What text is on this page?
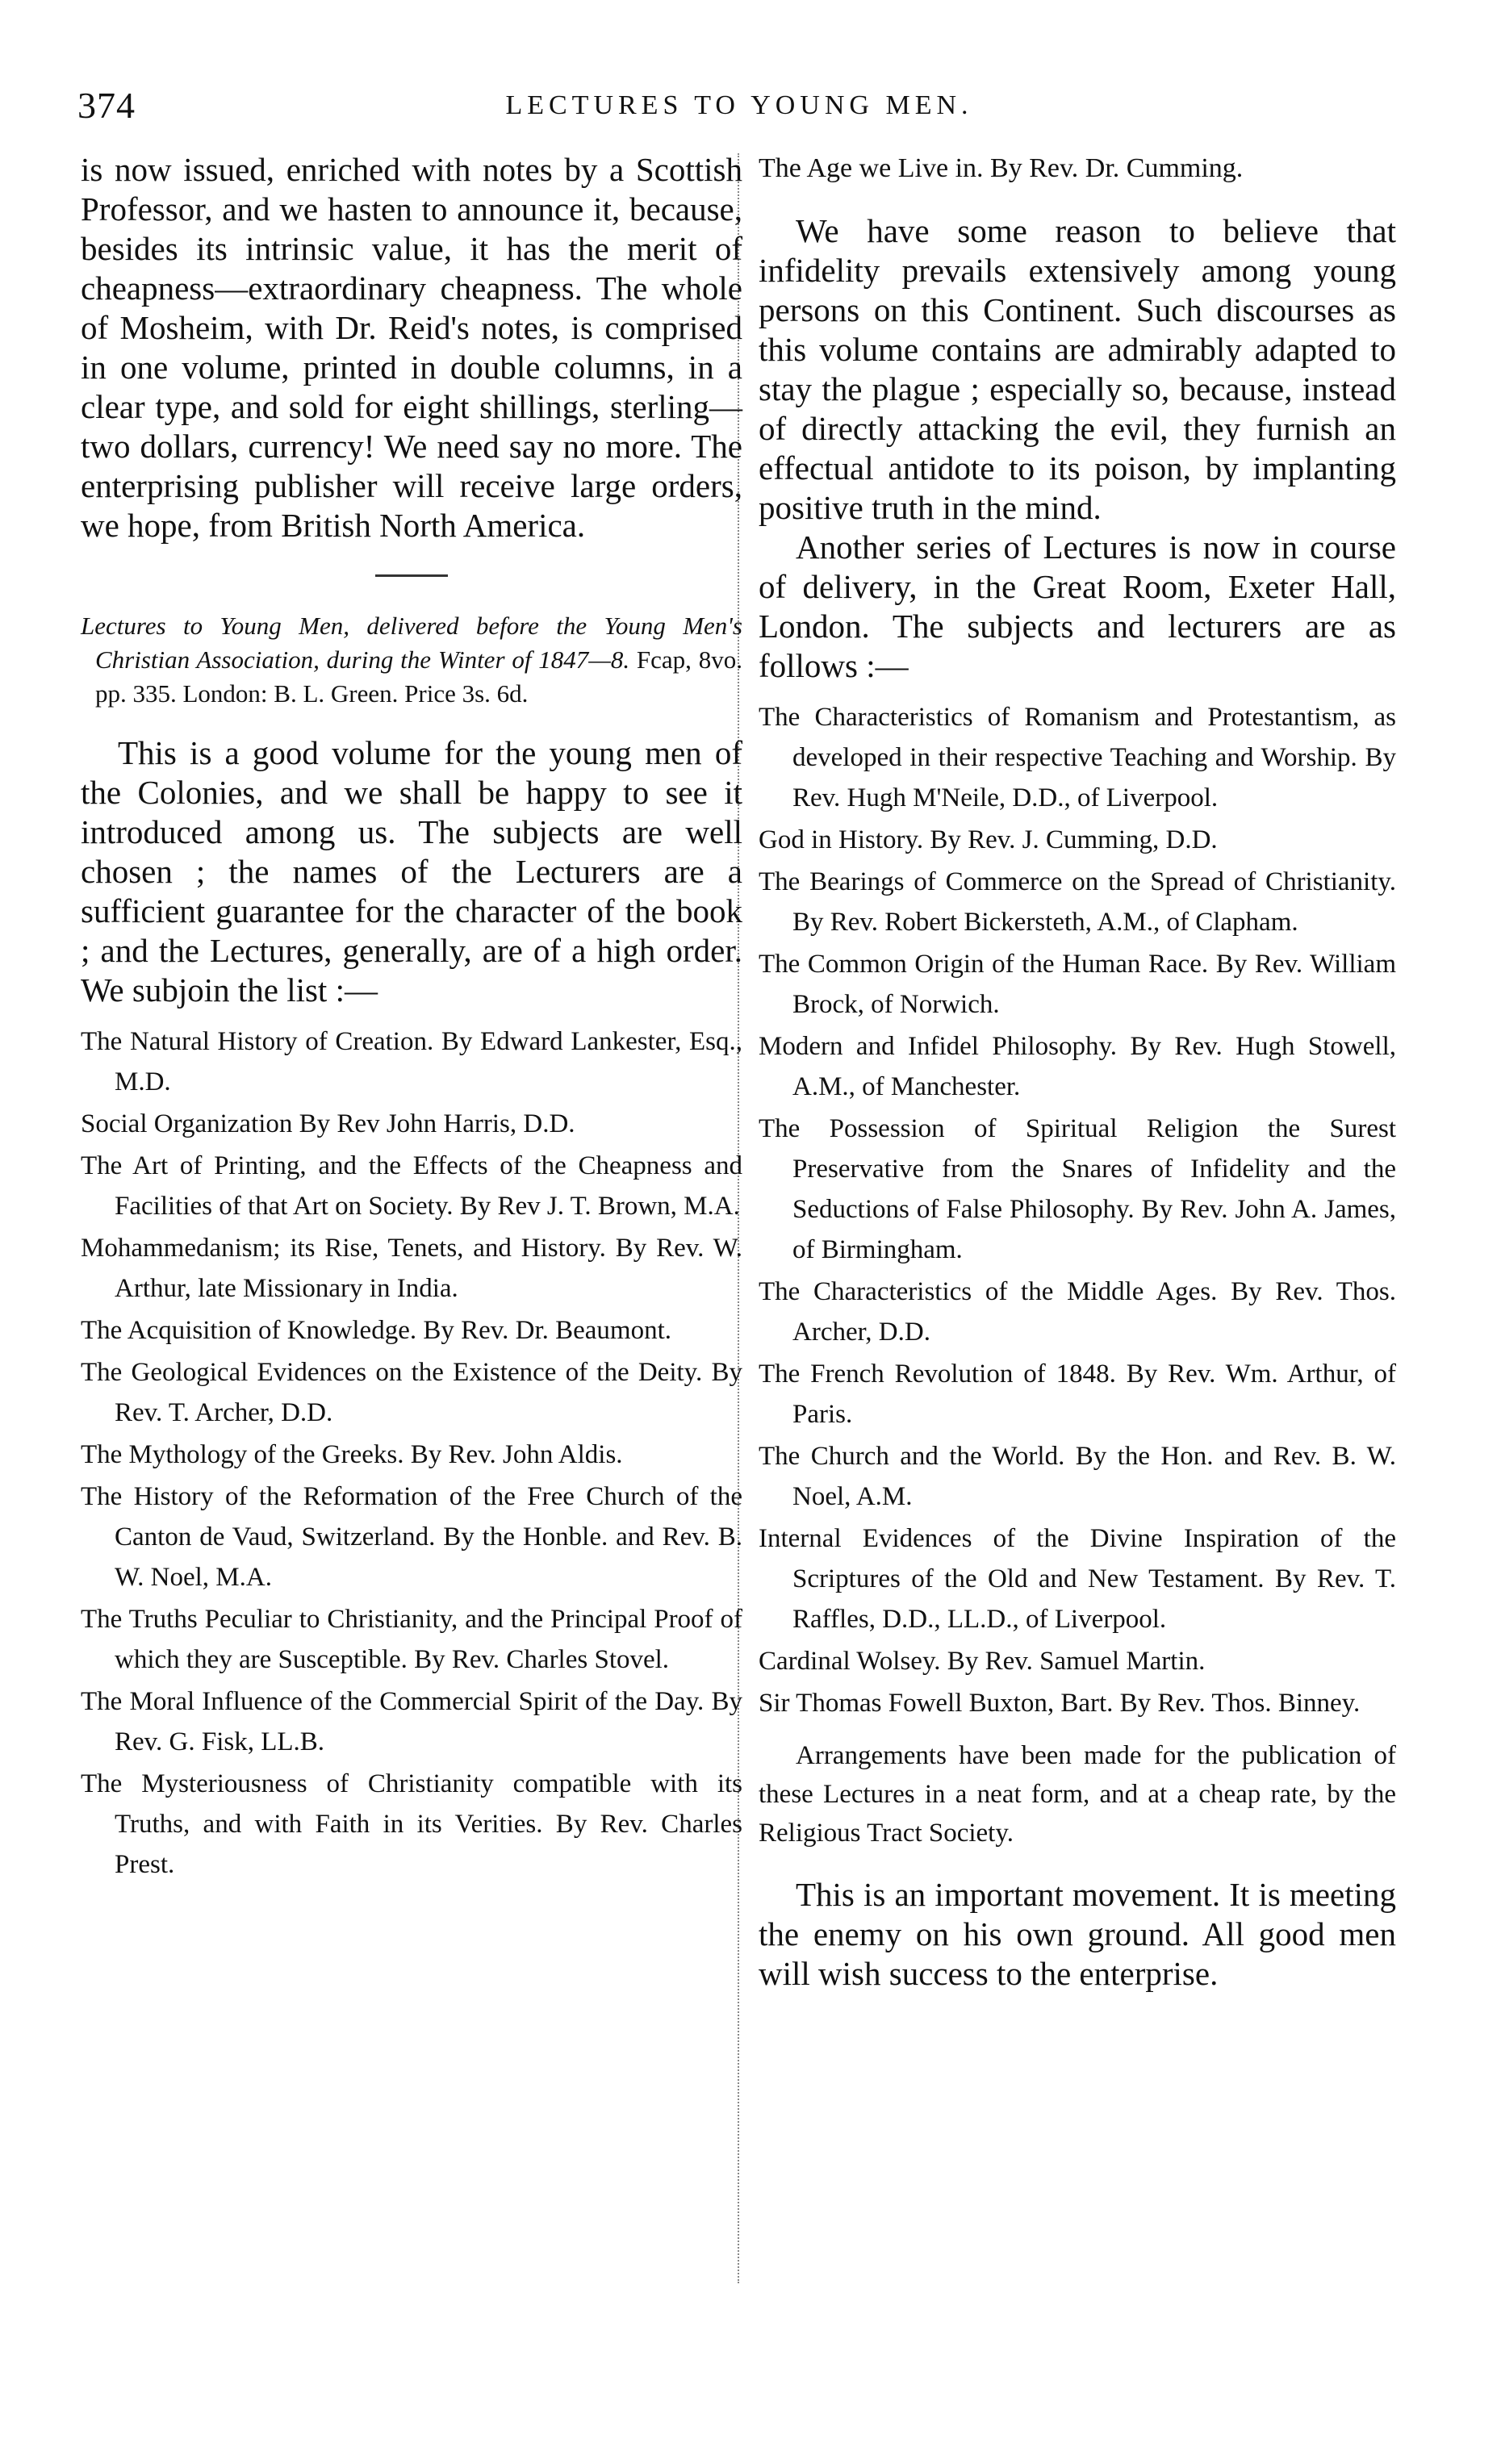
374	LECTURES TO YOUNG MEN.

is now issued, enriched with notes by a Scottish Professor, and we hasten to announce it, because, besides its intrinsic value, it has the merit of cheapness—extraordinary cheapness. The whole of Mosheim, with Dr. Reid's notes, is comprised in one volume, printed in double columns, in a clear type, and sold for eight shillings, sterling—two dollars, currency! We need say no more. The enterprising publisher will receive large orders, we hope, from British North America.

Lectures to Young Men, delivered before the Young Men's Christian Association, during the Winter of 1847—8. Fcap, 8vo. pp. 335. London: B. L. Green. Price 3s. 6d.

This is a good volume for the young men of the Colonies, and we shall be happy to see it introduced among us. The subjects are well chosen ; the names of the Lecturers are a sufficient guarantee for the character of the book ; and the Lectures, generally, are of a high order. We subjoin the list :—

The Natural History of Creation. By Edward Lankester, Esq., M.D.
Social Organization By Rev John Harris, D.D.
The Art of Printing, and the Effects of the Cheapness and Facilities of that Art on Society. By Rev J. T. Brown, M.A.
Mohammedanism; its Rise, Tenets, and History. By Rev. W. Arthur, late Missionary in India.
The Acquisition of Knowledge. By Rev. Dr. Beaumont.
The Geological Evidences on the Existence of the Deity. By Rev. T. Archer, D.D.
The Mythology of the Greeks. By Rev. John Aldis.
The History of the Reformation of the Free Church of the Canton de Vaud, Switzerland. By the Honble. and Rev. B. W. Noel, M.A.
The Truths Peculiar to Christianity, and the Principal Proof of which they are Susceptible. By Rev. Charles Stovel.
The Moral Influence of the Commercial Spirit of the Day. By Rev. G. Fisk, LL.B.
The Mysteriousness of Christianity compatible with its Truths, and with Faith in its Verities. By Rev. Charles Prest.

The Age we Live in. By Rev. Dr. Cumming.

We have some reason to believe that infidelity prevails extensively among young persons on this Continent. Such discourses as this volume contains are admirably adapted to stay the plague ; especially so, because, instead of directly attacking the evil, they furnish an effectual antidote to its poison, by implanting positive truth in the mind.

Another series of Lectures is now in course of delivery, in the Great Room, Exeter Hall, London. The subjects and lecturers are as follows :—

The Characteristics of Romanism and Protestantism, as developed in their respective Teaching and Worship. By Rev. Hugh M'Neile, D.D., of Liverpool.
God in History. By Rev. J. Cumming, D.D.
The Bearings of Commerce on the Spread of Christianity. By Rev. Robert Bickersteth, A.M., of Clapham.
The Common Origin of the Human Race. By Rev. William Brock, of Norwich.
Modern and Infidel Philosophy. By Rev. Hugh Stowell, A.M., of Manchester.
The Possession of Spiritual Religion the Surest Preservative from the Snares of Infidelity and the Seductions of False Philosophy. By Rev. John A. James, of Birmingham.
The Characteristics of the Middle Ages. By Rev. Thos. Archer, D.D.
The French Revolution of 1848. By Rev. Wm. Arthur, of Paris.
The Church and the World. By the Hon. and Rev. B. W. Noel, A.M.
Internal Evidences of the Divine Inspiration of the Scriptures of the Old and New Testament. By Rev. T. Raffles, D.D., LL.D., of Liverpool.
Cardinal Wolsey. By Rev. Samuel Martin.
Sir Thomas Fowell Buxton, Bart. By Rev. Thos. Binney.

Arrangements have been made for the publication of these Lectures in a neat form, and at a cheap rate, by the Religious Tract Society.

This is an important movement. It is meeting the enemy on his own ground. All good men will wish success to the enterprise.
